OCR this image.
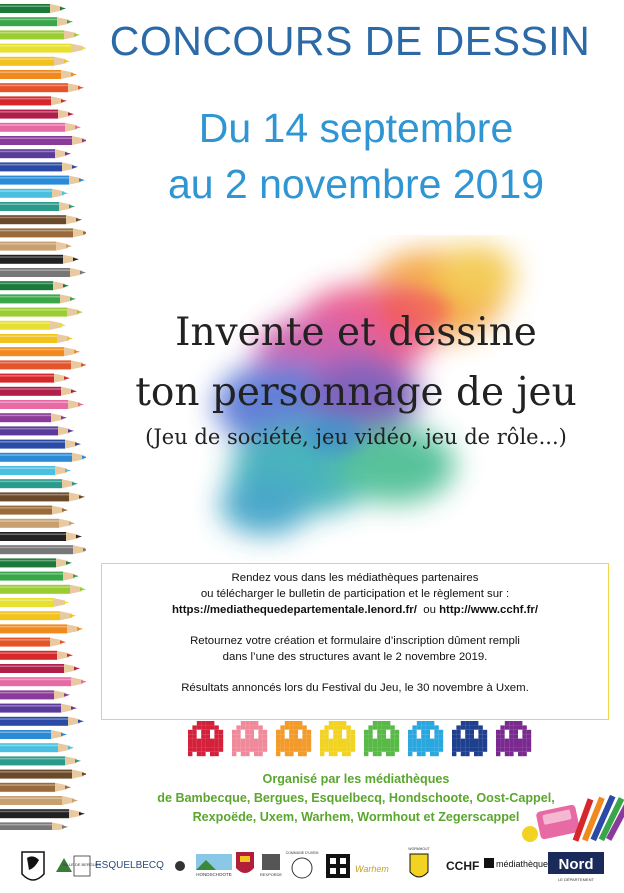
CONCOURS DE DESSIN
Du 14 septembre
au 2 novembre 2019
Invente et dessine
ton personnage de jeu
(Jeu de société, jeu vidéo, jeu de rôle...)

Rendez vous dans les médiathèques partenaires

ou télécharger le bulletin de participation et le règlement sur :

https://mediathequedepartementale.lenord.fr/  ou http://www.cchf.fr/

Retournez votre création et formulaire d’inscription dûment rempli

dans l’une des structures avant le 2 novembre 2019.

Résultats annoncés lors du Festival du Jeu, le 30 novembre à Uxem.

Organisé par les médiathèques
de Bambecque, Bergues, Esquelbecq, Hondschoote, Oost-Cappel,
Rexpoëde, Uxem, Warhem, Wormhout et Zegerscappel
VILLE DE BERGUES
ESQUELBECQ
HONDSCHOOTE	REXPOËDE
COMMUNE D'UXEM
Warhem
WORMHOUT
CCHF médiathèque Nord
LE DÉPARTEMENT
